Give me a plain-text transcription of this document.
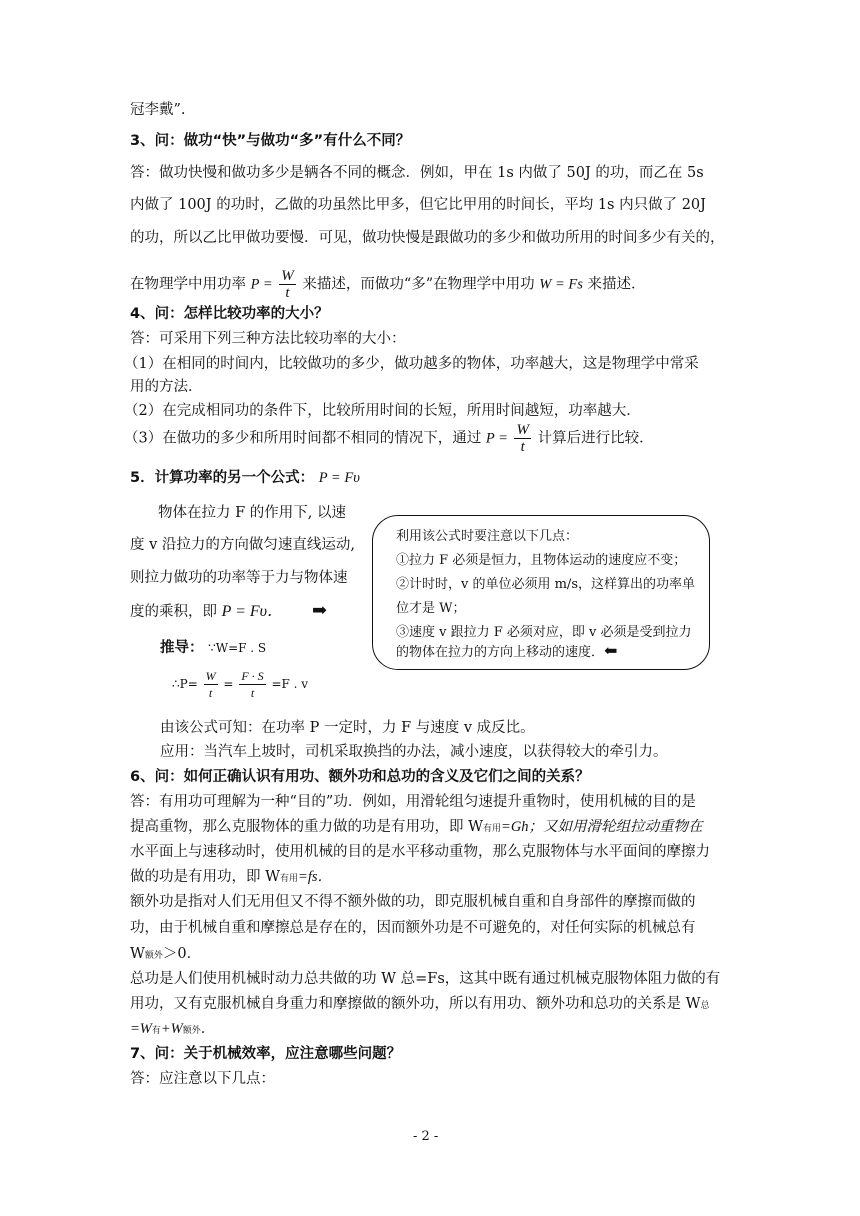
冠李戴”.
3、问：做功“快”与做功“多”有什么不同？
答：做功快慢和做功多少是辆各不同的概念．例如，甲在 1s 内做了 50J 的功，而乙在 5s
内做了 100J 的功时，乙做的功虽然比甲多，但它比甲用的时间长，平均 1s 内只做了 20J
的功，所以乙比甲做功要慢．可见，做功快慢是跟做功的多少和做功所用的时间多少有关的，
在物理学中用功率 $P = \frac{W}{t}$ 来描述，而做功“多”在物理学中用功 W = Fs 来描述．
4、问：怎样比较功率的大小？
答：可采用下列三种方法比较功率的大小：
（1）在相同的时间内，比较做功的多少，做功越多的物体，功率越大，这是物理学中常采
用的方法．
（2）在完成相同功的条件下，比较所用时间的长短，所用时间越短，功率越大．
（3）在做功的多少和所用时间都不相同的情况下，通过 $P = \frac{W}{t}$ 计算后进行比较．
5．计算功率的另一个公式： P = Fυ
物体在拉力 F 的作用下, 以速
度 v 沿拉力的方向做匀速直线运动,
则拉力做功的功率等于力与物体速
度的乘积，即 P = Fυ． ➡
推导： ∵W=F . S
∴P= $\frac{W}{t} = \frac{F \cdot S}{t} =F$ . v
利用该公式时要注意以下几点：
①拉力 F 必须是恒力，且物体运动的速度应不变；
②计时时，v 的单位必须用 m/s，这样算出的功率单
位才是 W；
③速度 v 跟拉力 F 必须对应，即 v 必须是受到拉力
的物体在拉力的方向上移动的速度．⬅
由该公式可知：在功率 P 一定时，力 F 与速度 v 成反比。
应用：当汽车上坡时，司机采取换挡的办法，减小速度，以获得较大的牵引力。
6、问：如何正确认识有用功、额外功和总功的含义及它们之间的关系？
答：有用功可理解为一种“目的”功．例如，用滑轮组匀速提升重物时，使用机械的目的是
提高重物，那么克服物体的重力做的功是有用功，即 W有用=Gh；又如用滑轮组拉动重物在
水平面上与速移动时，使用机械的目的是水平移动重物，那么克服物体与水平面间的摩擦力
做的功是有用功，即 W有用=fs．
额外功是指对人们无用但又不得不额外做的功，即克服机械自重和自身部件的摩擦而做的
功，由于机械自重和摩擦总是存在的，因而额外功是不可避免的，对任何实际的机械总有
W额外＞0．
总功是人们使用机械时动力总共做的功 W 总=Fs，这其中既有通过机械克服物体阻力做的有
用功，又有克服机械自身重力和摩擦做的额外功，所以有用功、额外功和总功的关系是 W总
=W有+W额外．
7、问：关于机械效率，应注意哪些问题？
答：应注意以下几点：
- 2 -
